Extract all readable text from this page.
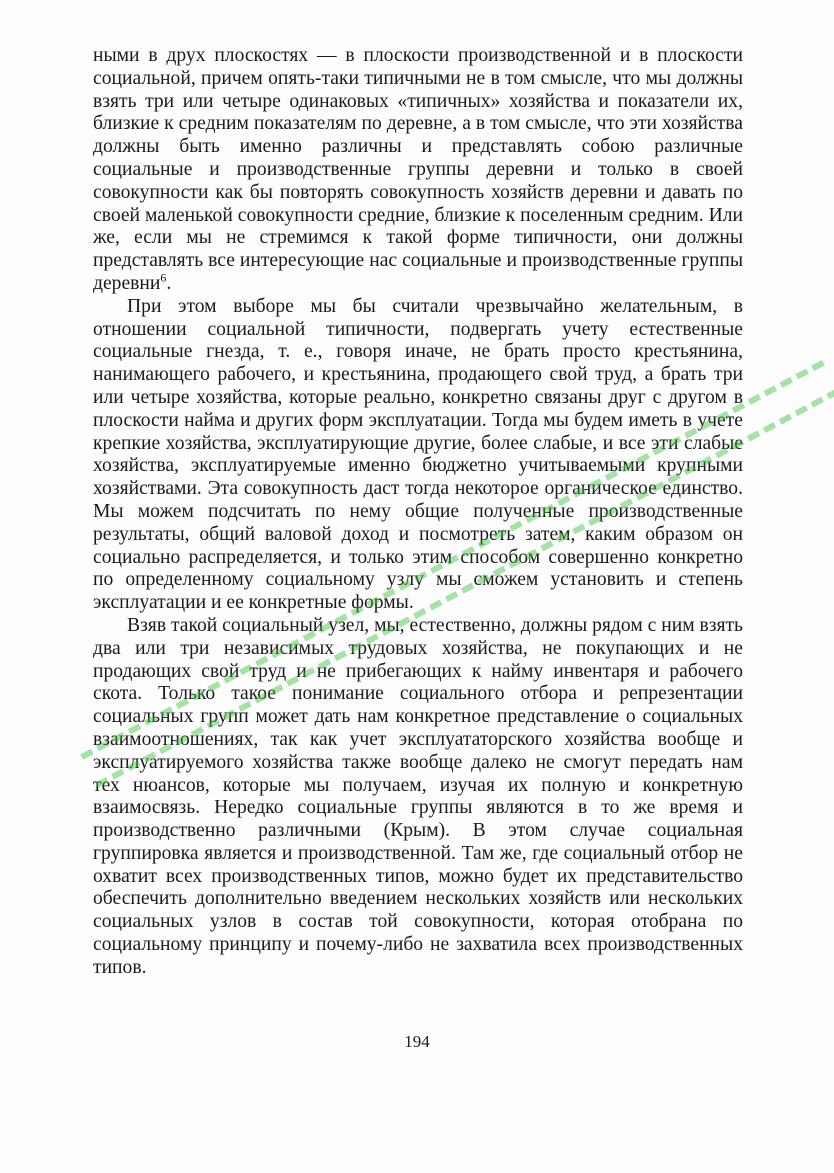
ными в друх плоскостях — в плоскости производственной и в плоскости социальной, причем опять-таки типичными не в том смысле, что мы должны взять три или четыре одинаковых «типичных» хозяйства и показатели их, близкие к средним показателям по деревне, а в том смысле, что эти хозяйства должны быть именно различны и представлять собою различные социальные и производственные группы деревни и только в своей совокупности как бы повторять совокупность хозяйств деревни и давать по своей маленькой совокупности средние, близкие к поселенным средним. Или же, если мы не стремимся к такой форме типичности, они должны представлять все интересующие нас социальные и производственные группы деревни$^6$.

При этом выборе мы бы считали чрезвычайно желательным, в отношении социальной типичности, подвергать учету естественные социальные гнезда, т. е., говоря иначе, не брать просто крестьянина, нанимающего рабочего, и крестьянина, продающего свой труд, а брать три или четыре хозяйства, которые реально, конкретно связаны друг с другом в плоскости найма и других форм эксплуатации. Тогда мы будем иметь в учете крепкие хозяйства, эксплуатирующие другие, более слабые, и все эти слабые хозяйства, эксплуатируемые именно бюджетно учитываемыми крупными хозяйствами. Эта совокупность даст тогда некоторое органическое единство. Мы можем подсчитать по нему общие полученные производственные результаты, общий валовой доход и посмотреть затем, каким образом он социально распределяется, и только этим способом совершенно конкретно по определенному социальному узлу мы сможем установить и степень эксплуатации и ее конкретные формы.

Взяв такой социальный узел, мы, естественно, должны рядом с ним взять два или три независимых трудовых хозяйства, не покупающих и не продающих свой труд и не прибегающих к найму инвентаря и рабочего скота. Только такое понимание социального отбора и репрезентации социальных групп может дать нам конкретное представление о социальных взаимоотношениях, так как учет эксплуататорского хозяйства вообще и эксплуатируемого хозяйства также вообще далеко не смогут передать нам тех нюансов, которые мы получаем, изучая их полную и конкретную взаимосвязь. Нередко социальные группы являются в то же время и производственно различными (Крым). В этом случае социальная группировка является и производственной. Там же, где социальный отбор не охватит всех производственных типов, можно будет их представительство обеспечить дополнительно введением нескольких хозяйств или нескольких социальных узлов в состав той совокупности, которая отобрана по социальному принципу и почему-либо не захватила всех производственных типов.

194
